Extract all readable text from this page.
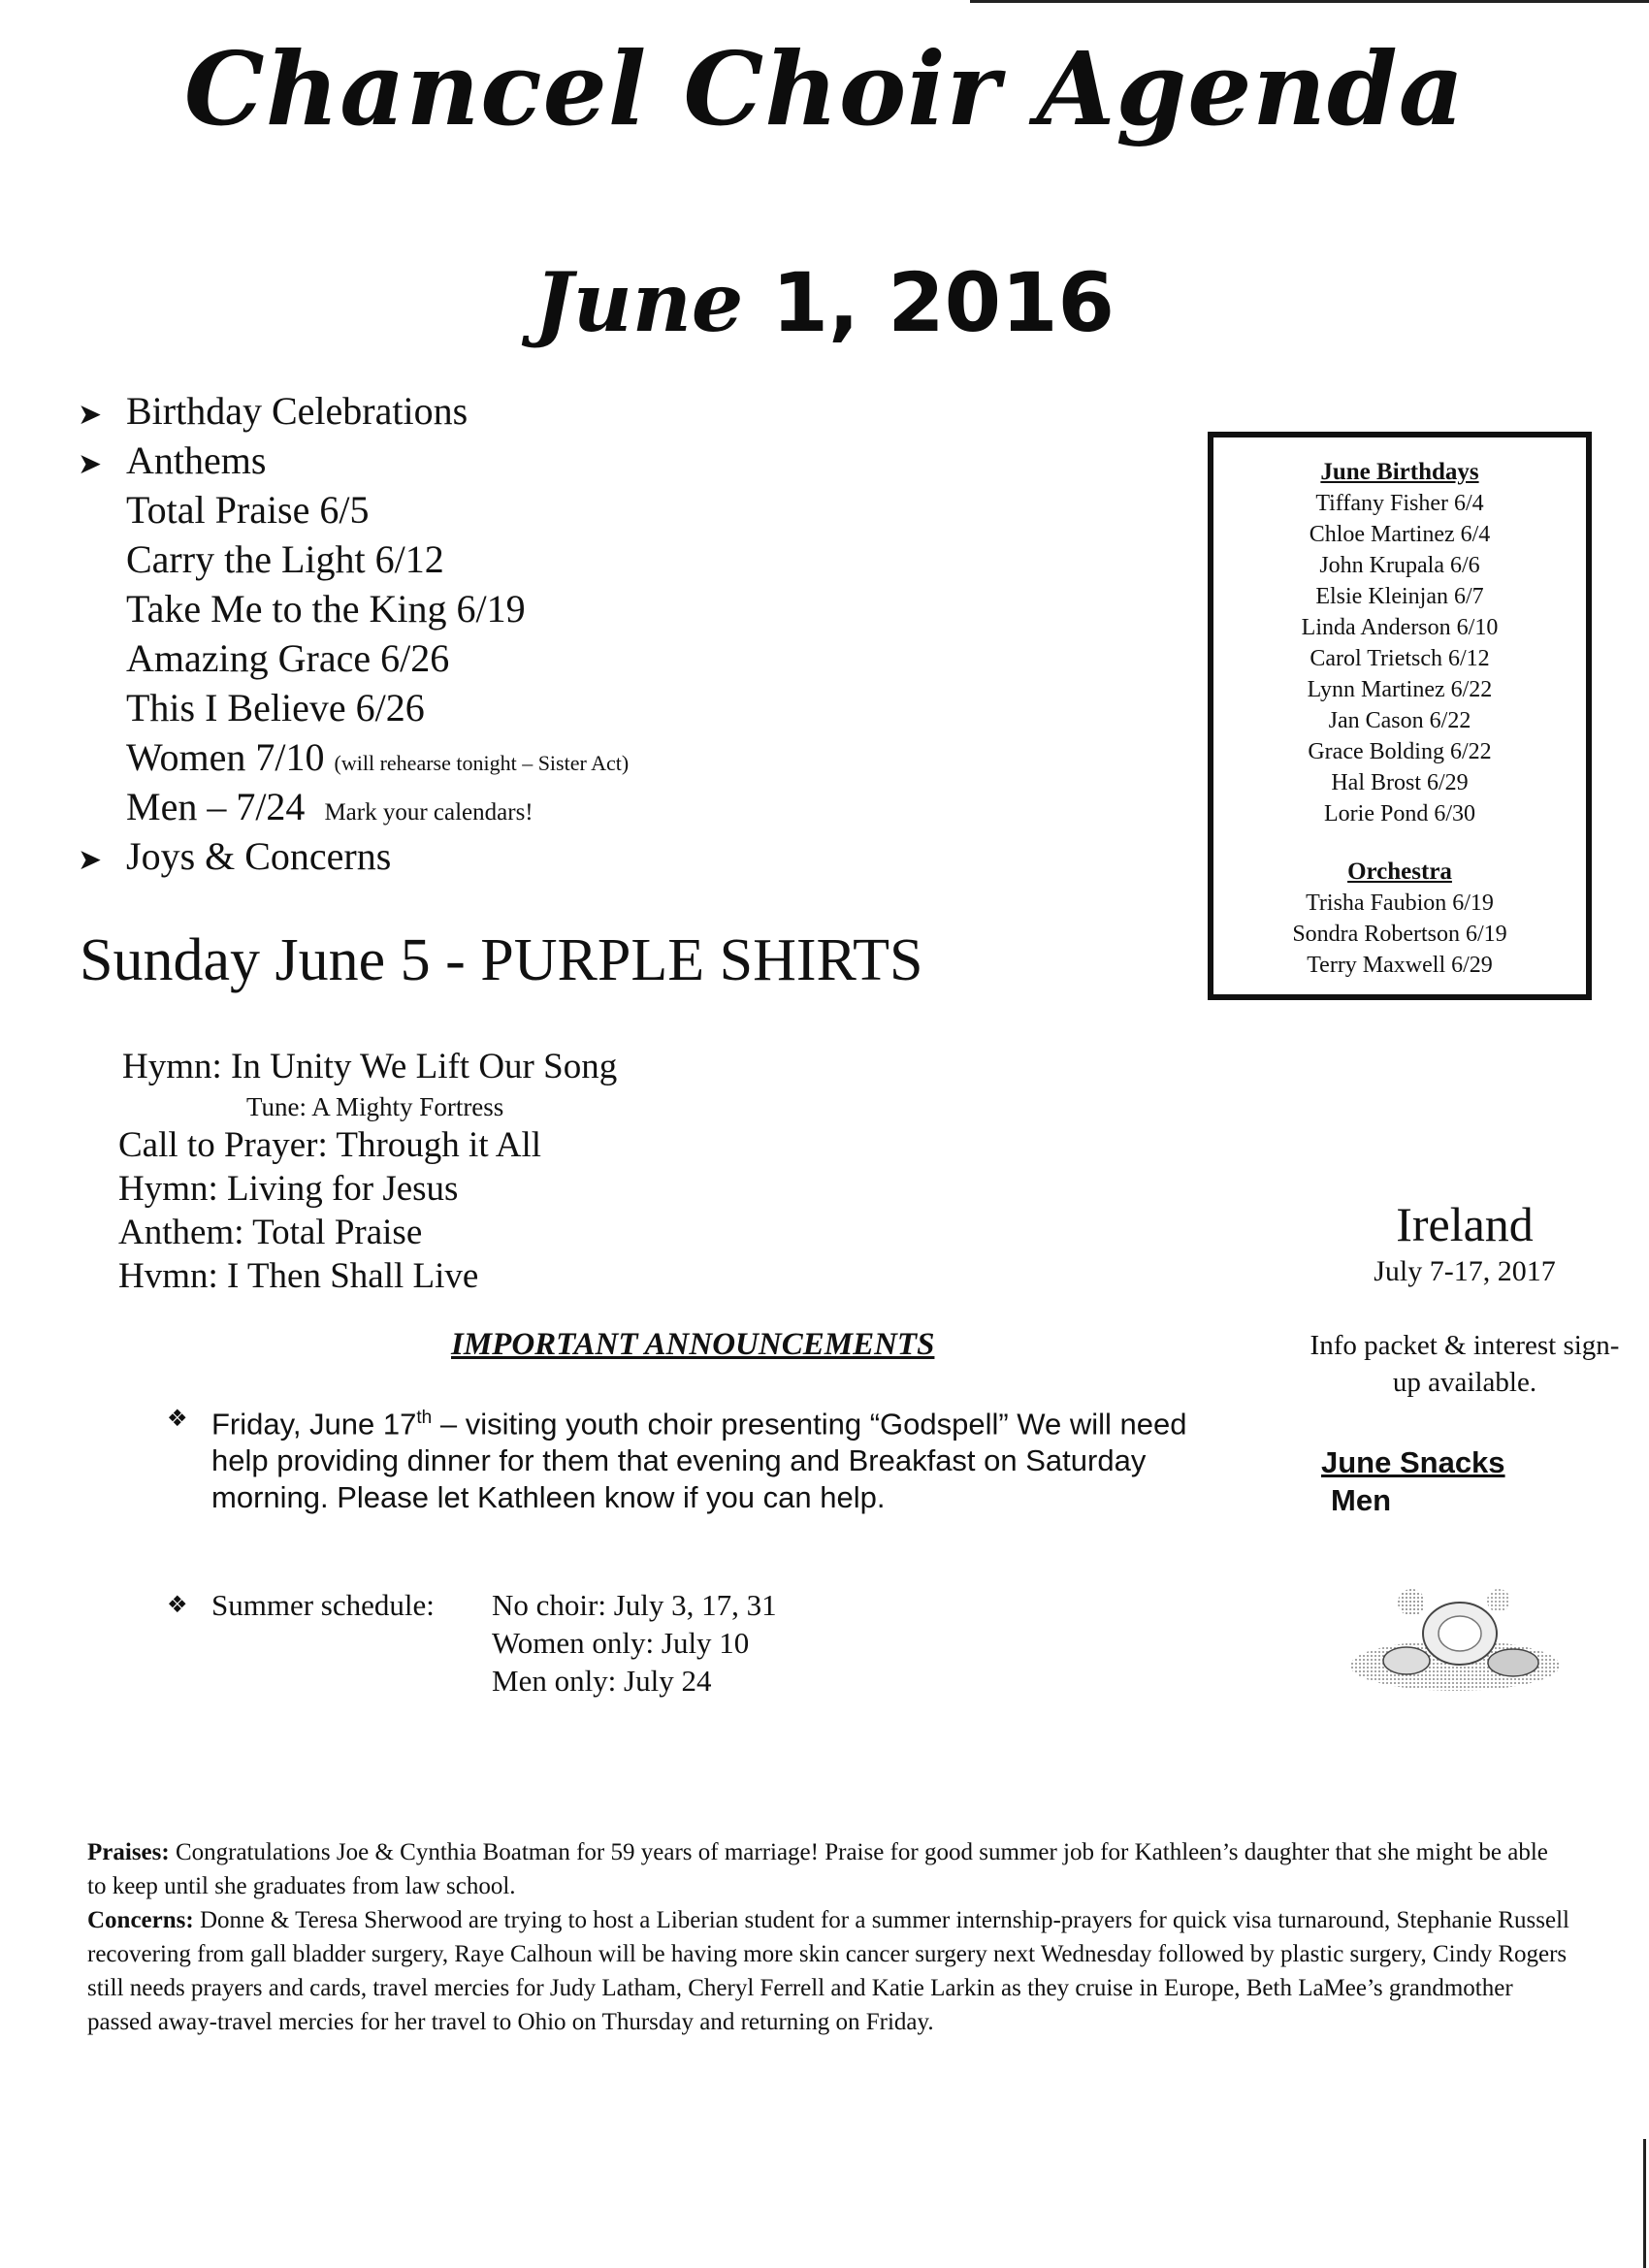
Chancel Choir Agenda
June 1, 2016
➤ Birthday Celebrations
➤ Anthems
Total Praise 6/5
Carry the Light 6/12
Take Me to the King 6/19
Amazing Grace 6/26
This I Believe 6/26
Women 7/10 (will rehearse tonight – Sister Act)
Men – 7/24 Mark your calendars!
➤ Joys & Concerns
Sunday June 5 - PURPLE SHIRTS
Hymn: In Unity We Lift Our Song
Tune: A Mighty Fortress
Call to Prayer: Through it All
Hymn: Living for Jesus
Anthem: Total Praise
Hvmn: I Then Shall Live
IMPORTANT ANNOUNCEMENTS
❖ Friday, June 17th – visiting youth choir presenting “Godspell” We will need help providing dinner for them that evening and Breakfast on Saturday morning. Please let Kathleen know if you can help.
❖ Summer schedule: No choir: July 3, 17, 31
Women only: July 10
Men only: July 24
June Birthdays
Tiffany Fisher 6/4
Chloe Martinez 6/4
John Krupala 6/6
Elsie Kleinjan 6/7
Linda Anderson 6/10
Carol Trietsch 6/12
Lynn Martinez 6/22
Jan Cason 6/22
Grace Bolding 6/22
Hal Brost 6/29
Lorie Pond 6/30
Orchestra
Trisha Faubion 6/19
Sondra Robertson 6/19
Terry Maxwell 6/29
Ireland
July 7-17, 2017
Info packet & interest sign-up available.
June Snacks
Men
Praises: Congratulations Joe & Cynthia Boatman for 59 years of marriage! Praise for good summer job for Kathleen’s daughter that she might be able to keep until she graduates from law school.
Concerns: Donne & Teresa Sherwood are trying to host a Liberian student for a summer internship-prayers for quick visa turnaround, Stephanie Russell recovering from gall bladder surgery, Raye Calhoun will be having more skin cancer surgery next Wednesday followed by plastic surgery, Cindy Rogers still needs prayers and cards, travel mercies for Judy Latham, Cheryl Ferrell and Katie Larkin as they cruise in Europe, Beth LaMee’s grandmother passed away-travel mercies for her travel to Ohio on Thursday and returning on Friday.
